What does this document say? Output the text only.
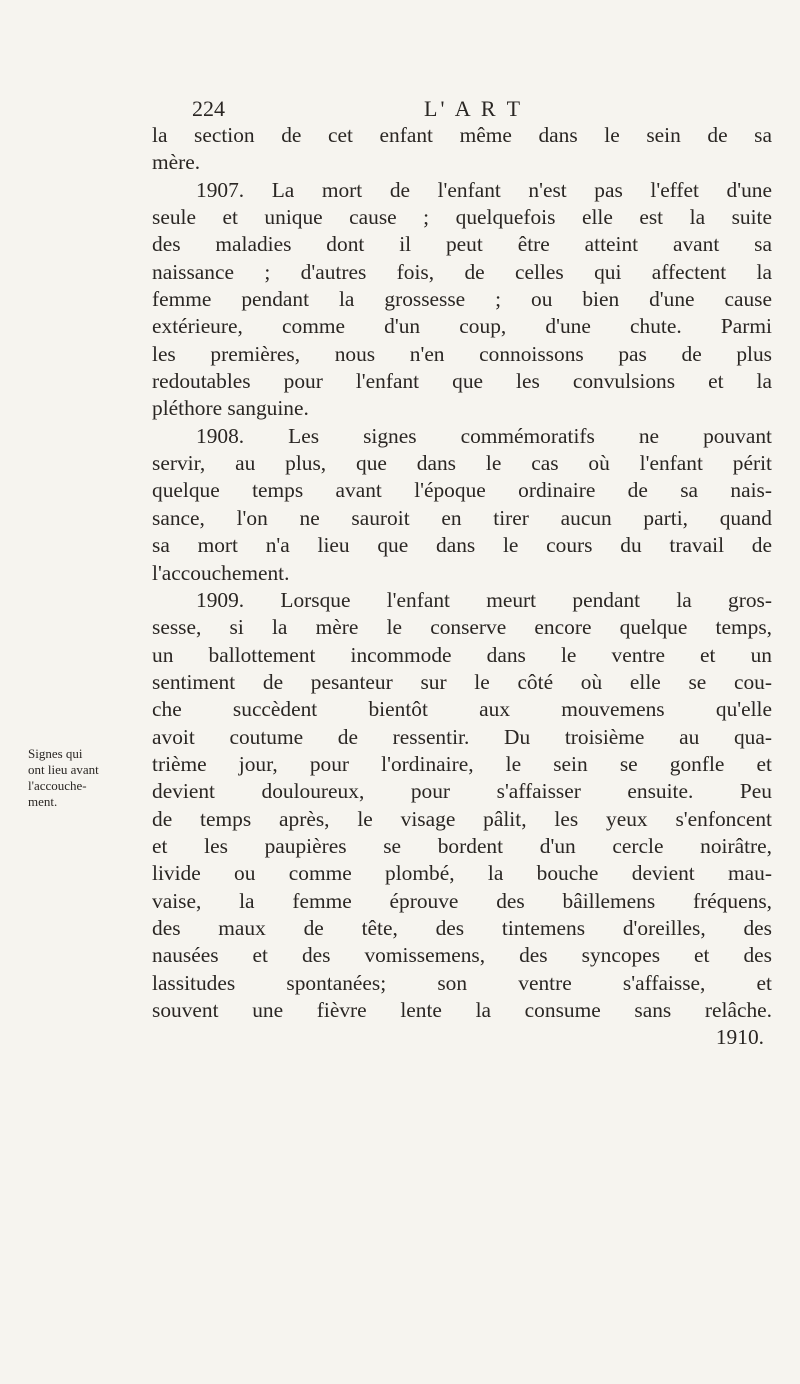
224	L' A R T
Signes qui
ont lieu avant
l'accouche-
ment.
la section de cet enfant même dans le sein de sa
mère.
1907. La mort de l'enfant n'est pas l'effet d'une
seule et unique cause ; quelquefois elle est la suite
des maladies dont il peut être atteint avant sa
naissance ; d'autres fois, de celles qui affectent la
femme pendant la grossesse ; ou bien d'une cause
extérieure, comme d'un coup, d'une chute. Parmi
les premières, nous n'en connoissons pas de plus
redoutables pour l'enfant que les convulsions et la
pléthore sanguine.
1908. Les signes commémoratifs ne pouvant
servir, au plus, que dans le cas où l'enfant périt
quelque temps avant l'époque ordinaire de sa nais-
sance, l'on ne sauroit en tirer aucun parti, quand
sa mort n'a lieu que dans le cours du travail de
l'accouchement.
1909. Lorsque l'enfant meurt pendant la gros-
sesse, si la mère le conserve encore quelque temps,
un ballottement incommode dans le ventre et un
sentiment de pesanteur sur le côté où elle se cou-
che succèdent bientôt aux mouvemens qu'elle
avoit coutume de ressentir. Du troisième au qua-
trième jour, pour l'ordinaire, le sein se gonfle et
devient douloureux, pour s'affaisser ensuite. Peu
de temps après, le visage pâlit, les yeux s'enfoncent
et les paupières se bordent d'un cercle noirâtre,
livide ou comme plombé, la bouche devient mau-
vaise, la femme éprouve des bâillemens fréquens,
des maux de tête, des tintemens d'oreilles, des
nausées et des vomissemens, des syncopes et des
lassitudes spontanées; son ventre s'affaisse, et
souvent une fièvre lente la consume sans relâche.
1910.
